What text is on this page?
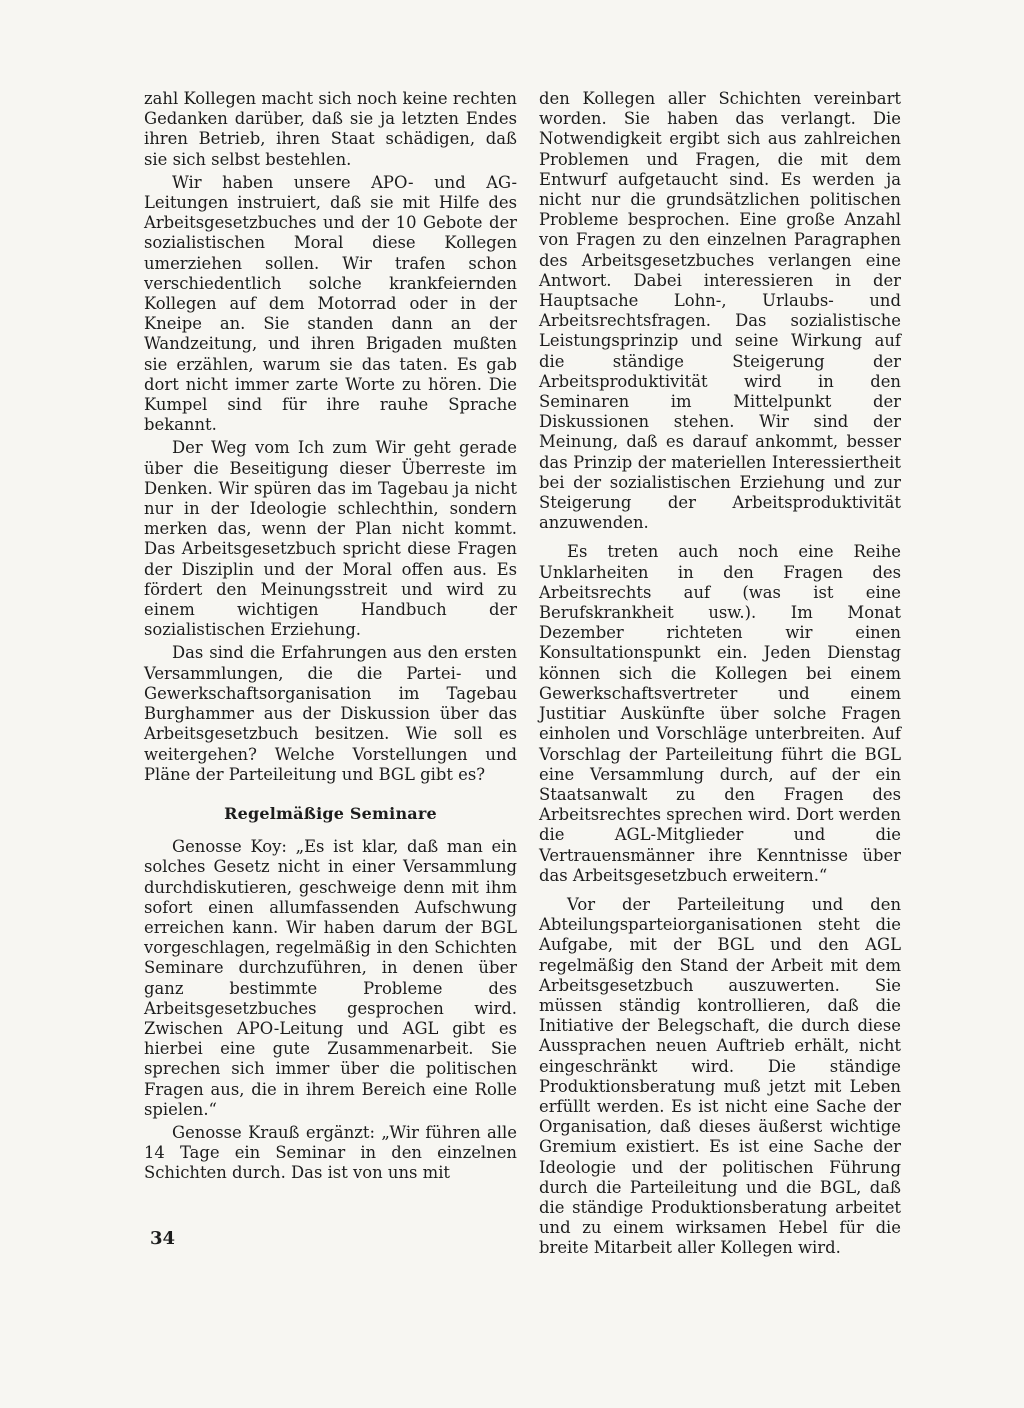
zahl Kollegen macht sich noch keine rechten Gedanken darüber, daß sie ja letzten Endes ihren Betrieb, ihren Staat schädigen, daß sie sich selbst bestehlen.

Wir haben unsere APO- und AG-Leitungen instruiert, daß sie mit Hilfe des Arbeitsgesetzbuches und der 10 Gebote der sozialistischen Moral diese Kollegen umerziehen sollen. Wir trafen schon verschiedentlich solche krankfeiernden Kollegen auf dem Motorrad oder in der Kneipe an. Sie standen dann an der Wandzeitung, und ihren Brigaden mußten sie erzählen, warum sie das taten. Es gab dort nicht immer zarte Worte zu hören. Die Kumpel sind für ihre rauhe Sprache bekannt.

Der Weg vom Ich zum Wir geht gerade über die Beseitigung dieser Überreste im Denken. Wir spüren das im Tagebau ja nicht nur in der Ideologie schlechthin, sondern merken das, wenn der Plan nicht kommt. Das Arbeitsgesetzbuch spricht diese Fragen der Disziplin und der Moral offen aus. Es fördert den Meinungsstreit und wird zu einem wichtigen Handbuch der sozialistischen Erziehung.

Das sind die Erfahrungen aus den ersten Versammlungen, die die Partei- und Gewerkschaftsorganisation im Tagebau Burghammer aus der Diskussion über das Arbeitsgesetzbuch besitzen. Wie soll es weitergehen? Welche Vorstellungen und Pläne der Parteileitung und BGL gibt es?

Regelmäßige Seminare

Genosse Koy: „Es ist klar, daß man ein solches Gesetz nicht in einer Versammlung durchdiskutieren, geschweige denn mit ihm sofort einen allumfassenden Aufschwung erreichen kann. Wir haben darum der BGL vorgeschlagen, regelmäßig in den Schichten Seminare durchzuführen, in denen über ganz bestimmte Probleme des Arbeitsgesetzbuches gesprochen wird. Zwischen APO-Leitung und AGL gibt es hierbei eine gute Zusammenarbeit. Sie sprechen sich immer über die politischen Fragen aus, die in ihrem Bereich eine Rolle spielen.“

Genosse Krauß ergänzt: „Wir führen alle 14 Tage ein Seminar in den einzelnen Schichten durch. Das ist von uns mit

den Kollegen aller Schichten vereinbart worden. Sie haben das verlangt. Die Notwendigkeit ergibt sich aus zahlreichen Problemen und Fragen, die mit dem Entwurf aufgetaucht sind. Es werden ja nicht nur die grundsätzlichen politischen Probleme besprochen. Eine große Anzahl von Fragen zu den einzelnen Paragraphen des Arbeitsgesetzbuches verlangen eine Antwort. Dabei interessieren in der Hauptsache Lohn-, Urlaubs- und Arbeitsrechtsfragen. Das sozialistische Leistungsprinzip und seine Wirkung auf die ständige Steigerung der Arbeitsproduktivität wird in den Seminaren im Mittelpunkt der Diskussionen stehen. Wir sind der Meinung, daß es darauf ankommt, besser das Prinzip der materiellen Interessiertheit bei der sozialistischen Erziehung und zur Steigerung der Arbeitsproduktivität anzuwenden.

Es treten auch noch eine Reihe Unklarheiten in den Fragen des Arbeitsrechts auf (was ist eine Berufskrankheit usw.). Im Monat Dezember richteten wir einen Konsultationspunkt ein. Jeden Dienstag können sich die Kollegen bei einem Gewerkschaftsvertreter und einem Justitiar Auskünfte über solche Fragen einholen und Vorschläge unterbreiten. Auf Vorschlag der Parteileitung führt die BGL eine Versammlung durch, auf der ein Staatsanwalt zu den Fragen des Arbeitsrechtes sprechen wird. Dort werden die AGL-Mitglieder und die Vertrauensmänner ihre Kenntnisse über das Arbeitsgesetzbuch erweitern.“

Vor der Parteileitung und den Abteilungsparteiorganisationen steht die Aufgabe, mit der BGL und den AGL regelmäßig den Stand der Arbeit mit dem Arbeitsgesetzbuch auszuwerten. Sie müssen ständig kontrollieren, daß die Initiative der Belegschaft, die durch diese Aussprachen neuen Auftrieb erhält, nicht eingeschränkt wird. Die ständige Produktionsberatung muß jetzt mit Leben erfüllt werden. Es ist nicht eine Sache der Organisation, daß dieses äußerst wichtige Gremium existiert. Es ist eine Sache der Ideologie und der politischen Führung durch die Parteileitung und die BGL, daß die ständige Produktionsberatung arbeitet und zu einem wirksamen Hebel für die breite Mitarbeit aller Kollegen wird.

34
